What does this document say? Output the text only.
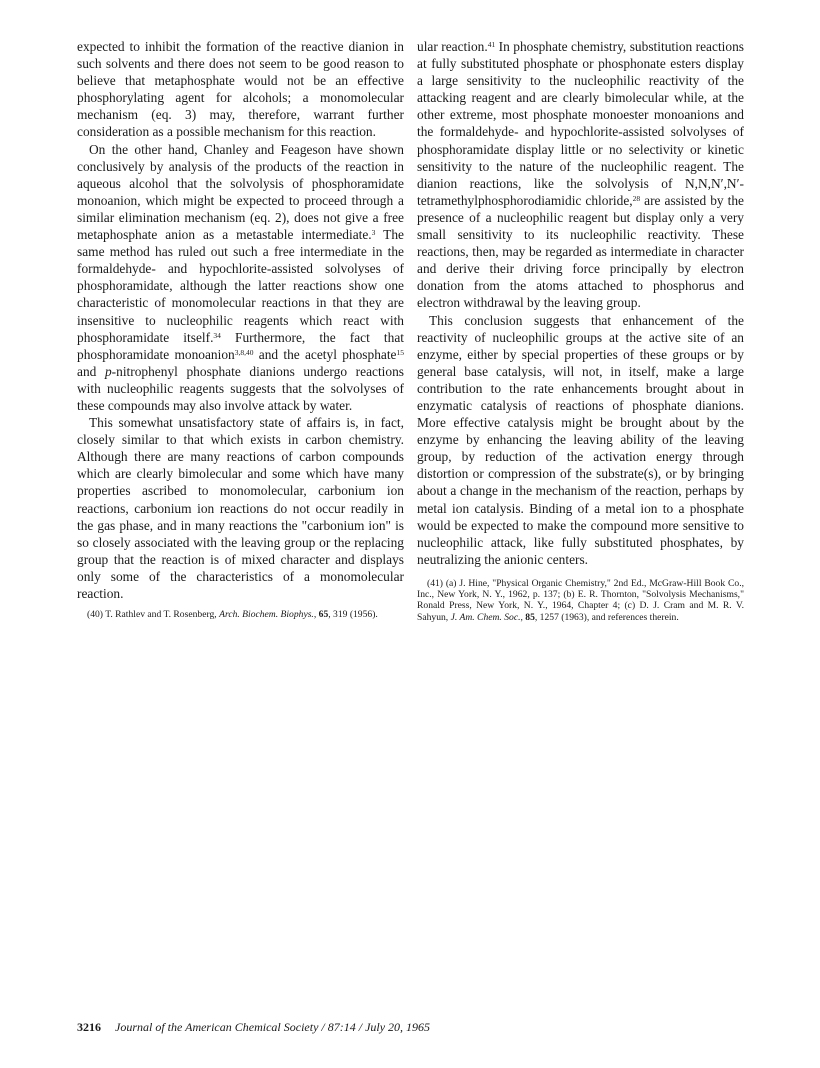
expected to inhibit the formation of the reactive dianion in such solvents and there does not seem to be good reason to believe that metaphosphate would not be an effective phosphorylating agent for alcohols; a monomolecular mechanism (eq. 3) may, therefore, warrant further consideration as a possible mechanism for this reaction.

On the other hand, Chanley and Feageson have shown conclusively by analysis of the products of the reaction in aqueous alcohol that the solvolysis of phosphoramidate monoanion, which might be expected to proceed through a similar elimination mechanism (eq. 2), does not give a free metaphosphate anion as a metastable intermediate.$^3$ The same method has ruled out such a free intermediate in the formaldehyde- and hypochlorite-assisted solvolyses of phosphoramidate, although the latter reactions show one characteristic of monomolecular reactions in that they are insensitive to nucleophilic reagents which react with phosphoramidate itself.$^{34}$ Furthermore, the fact that phosphoramidate monoanion$^{3,8,40}$ and the acetyl phosphate$^{15}$ and p-nitrophenyl phosphate dianions undergo reactions with nucleophilic reagents suggests that the solvolyses of these compounds may also involve attack by water.

This somewhat unsatisfactory state of affairs is, in fact, closely similar to that which exists in carbon chemistry. Although there are many reactions of carbon compounds which are clearly bimolecular and some which have many properties ascribed to monomolecular, carbonium ion reactions, carbonium ion reactions do not occur readily in the gas phase, and in many reactions the "carbonium ion" is so closely associated with the leaving group or the replacing group that the reaction is of mixed character and displays only some of the characteristics of a monomolecular reaction.

(40) T. Rathlev and T. Rosenberg, Arch. Biochem. Biophys., 65, 319 (1956).

ular reaction.$^{41}$ In phosphate chemistry, substitution reactions at fully substituted phosphate or phosphonate esters display a large sensitivity to the nucleophilic reactivity of the attacking reagent and are clearly bimolecular while, at the other extreme, most phosphate monoester monoanions and the formaldehyde- and hypochlorite-assisted solvolyses of phosphoramidate display little or no selectivity or kinetic sensitivity to the nature of the nucleophilic reagent. The dianion reactions, like the solvolysis of N,N,N′,N′-tetramethylphosphorodiamidic chloride,$^{28}$ are assisted by the presence of a nucleophilic reagent but display only a very small sensitivity to its nucleophilic reactivity. These reactions, then, may be regarded as intermediate in character and derive their driving force principally by electron donation from the atoms attached to phosphorus and electron withdrawal by the leaving group.

This conclusion suggests that enhancement of the reactivity of nucleophilic groups at the active site of an enzyme, either by special properties of these groups or by general base catalysis, will not, in itself, make a large contribution to the rate enhancements brought about in enzymatic catalysis of reactions of phosphate dianions. More effective catalysis might be brought about by the enzyme by enhancing the leaving ability of the leaving group, by reduction of the activation energy through distortion or compression of the substrate(s), or by bringing about a change in the mechanism of the reaction, perhaps by metal ion catalysis. Binding of a metal ion to a phosphate would be expected to make the compound more sensitive to nucleophilic attack, like fully substituted phosphates, by neutralizing the anionic centers.

(41) (a) J. Hine, "Physical Organic Chemistry," 2nd Ed., McGraw-Hill Book Co., Inc., New York, N. Y., 1962, p. 137; (b) E. R. Thornton, "Solvolysis Mechanisms," Ronald Press, New York, N. Y., 1964, Chapter 4; (c) D. J. Cram and M. R. V. Sahyun, J. Am. Chem. Soc., 85, 1257 (1963), and references therein.

3216 Journal of the American Chemical Society / 87:14 / July 20, 1965
